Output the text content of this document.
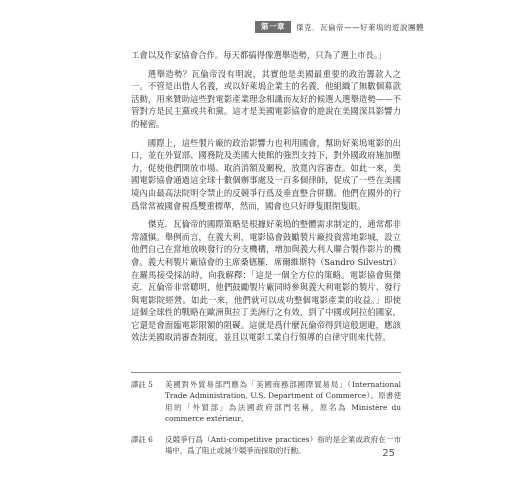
第一章	傑克．瓦倫帝——好萊塢的遊說團體

工會以及作家協會合作。每天都搞得像選舉造勢，只為了選上市長。」

選舉造勢？瓦倫帝沒有明說，其實他是美國最重要的政治籌款人之一。不管是出借人名義，或以好萊塢企業主的名義，他組織了無數個募款活動，用來贊助這些對電影產業理念相識而友好的候選人選舉造勢——不管對方是民主黨或共和黨。這才是美國電影協會的遊說在美國深具影響力的秘密。

國際上，這些製片廠的政治影響力也利用國會，幫助好萊塢電影的出口，並在外貿部、國務院及美國大使館的強烈支持下，對外國政府施加壓力，促使他們開放市場、取消消額及關稅，放寬內容審查。如此一來，美國電影協會通過這全球十數個辦事處及一百多個律師，促成了一些在美國境內由最高法院明令禁止的反競爭行爲及垂直整合併購。他們在國外的行爲常常被國會視爲雙重標準，然而，國會也只好睜隻眼閉隻眼。

傑克．瓦倫帝的國際策略是根據好萊塢的整體需求制定的，通常都非常謹愼。舉例而言，在義大利，電影協會鼓勵製片廠投資當地影城，設立他們自己在當地放映發行的分支機構，增加與義大利人聯合製作影片的機會。義大利製片廠協會的主席桑德羅．席爾維斯特（Sandro Silvestri）在羅馬接受採訪時，向我解釋：「這是一個全方位的策略。電影協會與傑克．瓦倫帝非常聰明，他們鼓勵製片廠同時參與義大利電影的製片、發行與電影院經營。如此一來，他們就可以成功整個電影產業的收益。」即使這個全球性的戰略在歐洲與拉丁美洲行之有效，到了中國或阿拉伯國家，它還是會面臨電影限額的阻礙。這就是爲什麼瓦倫帝得到這般迴避，應該效法美國取消審查制度，並且以電影工業自行領導的自律守則來代替。

譯註 5	美國對外貿易部門應為「美國商務部國際貿易局」（International Trade Administration, U.S. Department of Commerce）。原書使用的「外貿部」為法國政府部門名稱，原名為 Ministère du commerce extérieur。
譯註 6	反競爭行爲（Anti-competitive practices）指的是企業或政府在一市場中，爲了阻止或減少競爭而採取的行動。	25
